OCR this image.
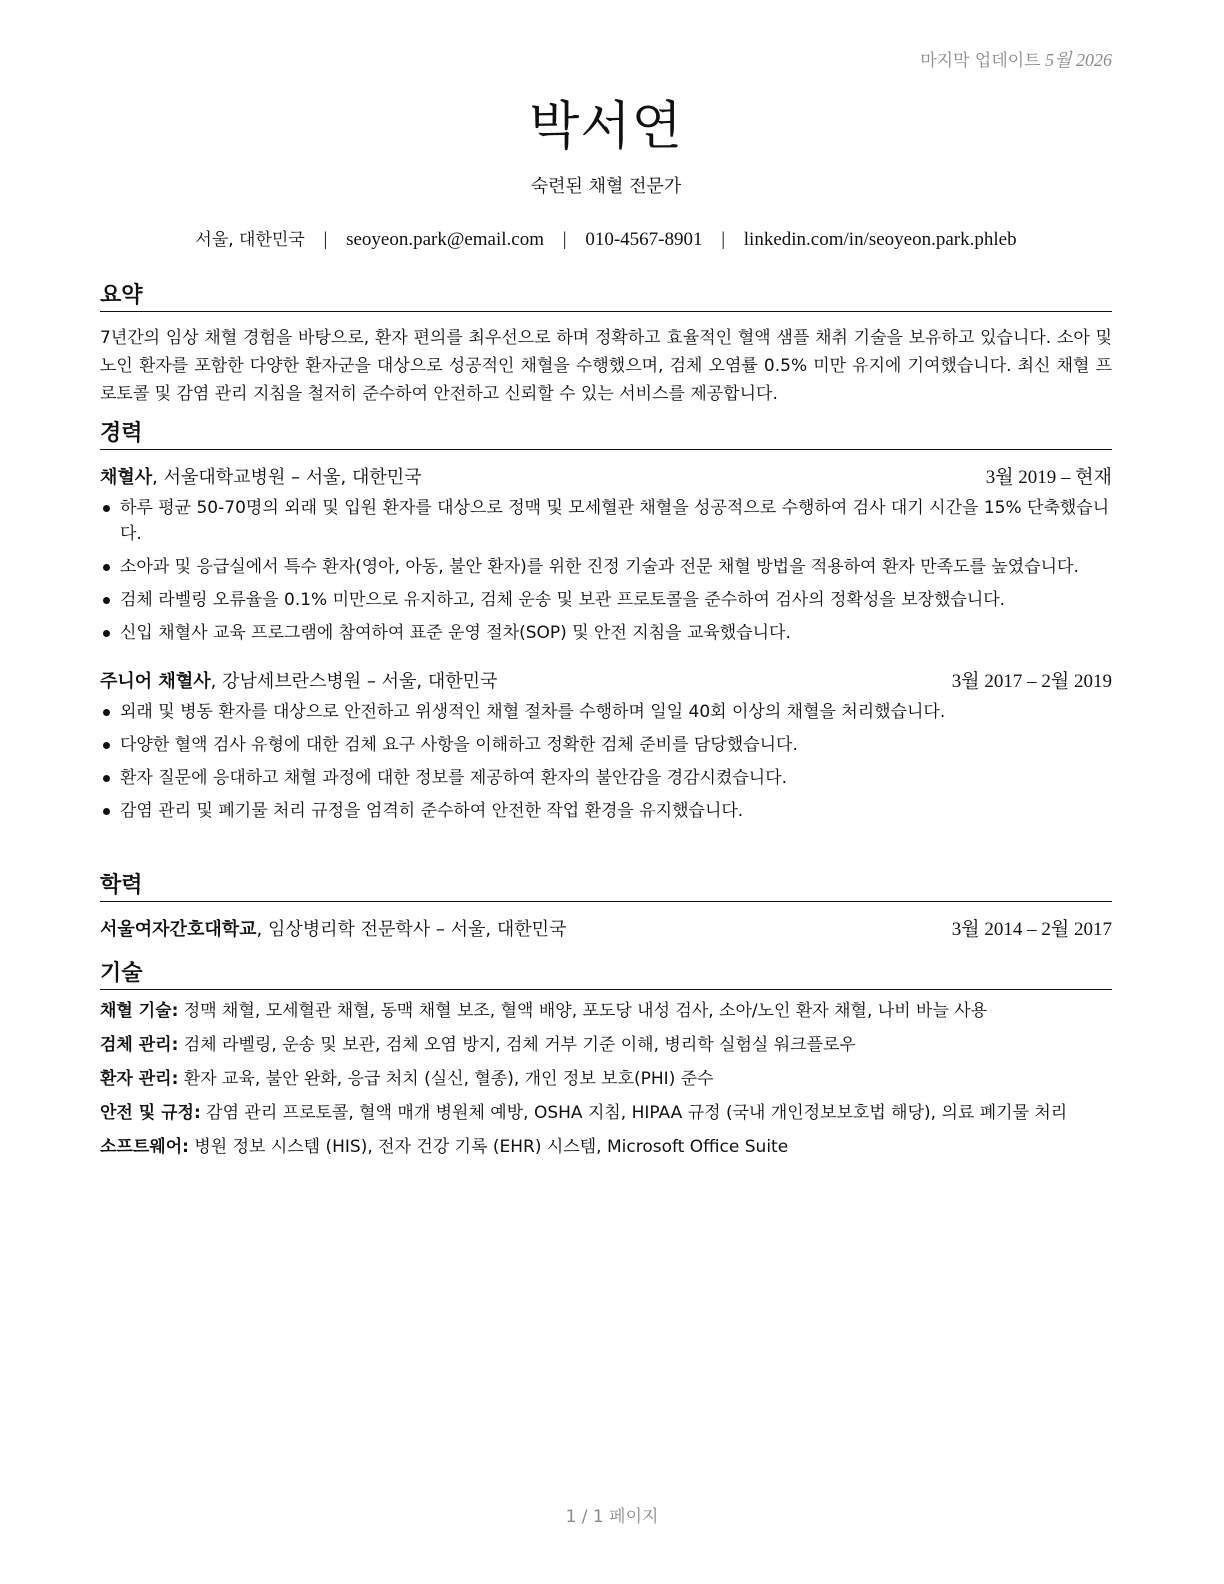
마지막 업데이트 5월 2026
박서연
숙련된 채혈 전문가
서울, 대한민국 | seoyeon.park@email.com | 010-4567-8901 | linkedin.com/in/seoyeon.park.phleb
요약
7년간의 임상 채혈 경험을 바탕으로, 환자 편의를 최우선으로 하며 정확하고 효율적인 혈액 샘플 채취 기술을 보유하고 있습니다. 소아 및 노인 환자를 포함한 다양한 환자군을 대상으로 성공적인 채혈을 수행했으며, 검체 오염률 0.5% 미만 유지에 기여했습니다. 최신 채혈 프로토콜 및 감염 관리 지침을 철저히 준수하여 안전하고 신뢰할 수 있는 서비스를 제공합니다.
경력
채혈사, 서울대학교병원 – 서울, 대한민국	3월 2019 – 현재
하루 평균 50-70명의 외래 및 입원 환자를 대상으로 정맥 및 모세혈관 채혈을 성공적으로 수행하여 검사 대기 시간을 15% 단축했습니다.
소아과 및 응급실에서 특수 환자(영아, 아동, 불안 환자)를 위한 진정 기술과 전문 채혈 방법을 적용하여 환자 만족도를 높였습니다.
검체 라벨링 오류율을 0.1% 미만으로 유지하고, 검체 운송 및 보관 프로토콜을 준수하여 검사의 정확성을 보장했습니다.
신입 채혈사 교육 프로그램에 참여하여 표준 운영 절차(SOP) 및 안전 지침을 교육했습니다.
주니어 채혈사, 강남세브란스병원 – 서울, 대한민국	3월 2017 – 2월 2019
외래 및 병동 환자를 대상으로 안전하고 위생적인 채혈 절차를 수행하며 일일 40회 이상의 채혈을 처리했습니다.
다양한 혈액 검사 유형에 대한 검체 요구 사항을 이해하고 정확한 검체 준비를 담당했습니다.
환자 질문에 응대하고 채혈 과정에 대한 정보를 제공하여 환자의 불안감을 경감시켰습니다.
감염 관리 및 폐기물 처리 규정을 엄격히 준수하여 안전한 작업 환경을 유지했습니다.
학력
서울여자간호대학교, 임상병리학 전문학사 – 서울, 대한민국	3월 2014 – 2월 2017
기술
채혈 기술: 정맥 채혈, 모세혈관 채혈, 동맥 채혈 보조, 혈액 배양, 포도당 내성 검사, 소아/노인 환자 채혈, 나비 바늘 사용
검체 관리: 검체 라벨링, 운송 및 보관, 검체 오염 방지, 검체 거부 기준 이해, 병리학 실험실 워크플로우
환자 관리: 환자 교육, 불안 완화, 응급 처치 (실신, 혈종), 개인 정보 보호(PHI) 준수
안전 및 규정: 감염 관리 프로토콜, 혈액 매개 병원체 예방, OSHA 지침, HIPAA 규정 (국내 개인정보보호법 해당), 의료 폐기물 처리
소프트웨어: 병원 정보 시스템 (HIS), 전자 건강 기록 (EHR) 시스템, Microsoft Office Suite
1 / 1 페이지
